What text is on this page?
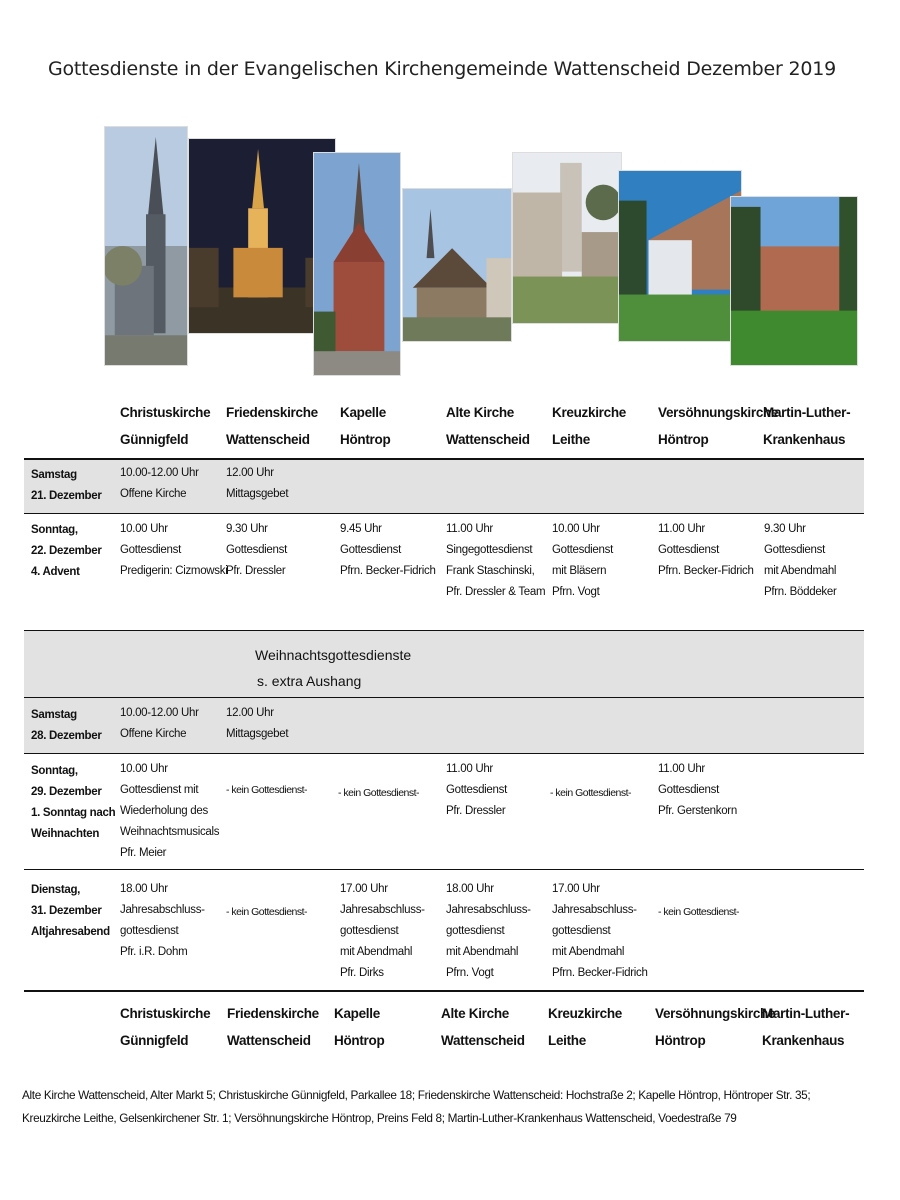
Gottesdienste in der Evangelischen Kirchengemeinde Wattenscheid Dezember 2019
Christuskirche
Günnigfeld
Friedenskirche
Wattenscheid
Kapelle
Höntrop
Alte Kirche
Wattenscheid
Kreuzkirche
Leithe
Versöhnungskirche
Höntrop
Martin-Luther-
Krankenhaus
Samstag
21. Dezember
10.00-12.00 Uhr
Offene Kirche
12.00 Uhr
Mittagsgebet
Sonntag,
22. Dezember
4. Advent
10.00 Uhr
Gottesdienst
Predigerin: Cizmowski
9.30 Uhr
Gottesdienst
Pfr. Dressler
9.45 Uhr
Gottesdienst
Pfrn. Becker-Fidrich
11.00 Uhr
Singegottesdienst
Frank Staschinski,
Pfr. Dressler & Team
10.00 Uhr
Gottesdienst
mit Bläsern
Pfrn. Vogt
11.00 Uhr
Gottesdienst
Pfrn. Becker-Fidrich
9.30 Uhr
Gottesdienst
mit Abendmahl
Pfrn. Böddeker
Weihnachtsgottesdienste
s. extra Aushang
Samstag
28. Dezember
10.00-12.00 Uhr
Offene Kirche
12.00 Uhr
Mittagsgebet
Sonntag,
29. Dezember
1. Sonntag nach
Weihnachten
10.00 Uhr
Gottesdienst mit
Wiederholung des
Weihnachtsmusicals
Pfr. Meier
- kein Gottesdienst-	- kein Gottesdienst-
11.00 Uhr
Gottesdienst
Pfr. Dressler
- kein Gottesdienst-
11.00 Uhr
Gottesdienst
Pfr. Gerstenkorn
Dienstag,
31. Dezember
Altjahresabend
18.00 Uhr
Jahresabschluss-
gottesdienst
Pfr. i.R. Dohm
- kein Gottesdienst-
17.00 Uhr
Jahresabschluss-
gottesdienst
mit Abendmahl
Pfr. Dirks
18.00 Uhr
Jahresabschluss-
gottesdienst
mit Abendmahl
Pfrn. Vogt
17.00 Uhr
Jahresabschluss-
gottesdienst
mit Abendmahl
Pfrn. Becker-Fidrich
- kein Gottesdienst-
Christuskirche
Günnigfeld
Friedenskirche
Wattenscheid
Kapelle
Höntrop
Alte Kirche
Wattenscheid
Kreuzkirche
Leithe
Versöhnungskirche
Höntrop
Martin-Luther-
Krankenhaus
Alte Kirche Wattenscheid, Alter Markt 5; Christuskirche Günnigfeld, Parkallee 18; Friedenskirche Wattenscheid: Hochstraße 2; Kapelle Höntrop, Höntroper Str. 35;
Kreuzkirche Leithe, Gelsenkirchener Str. 1; Versöhnungskirche Höntrop, Preins Feld 8; Martin-Luther-Krankenhaus Wattenscheid, Voedestraße 79
